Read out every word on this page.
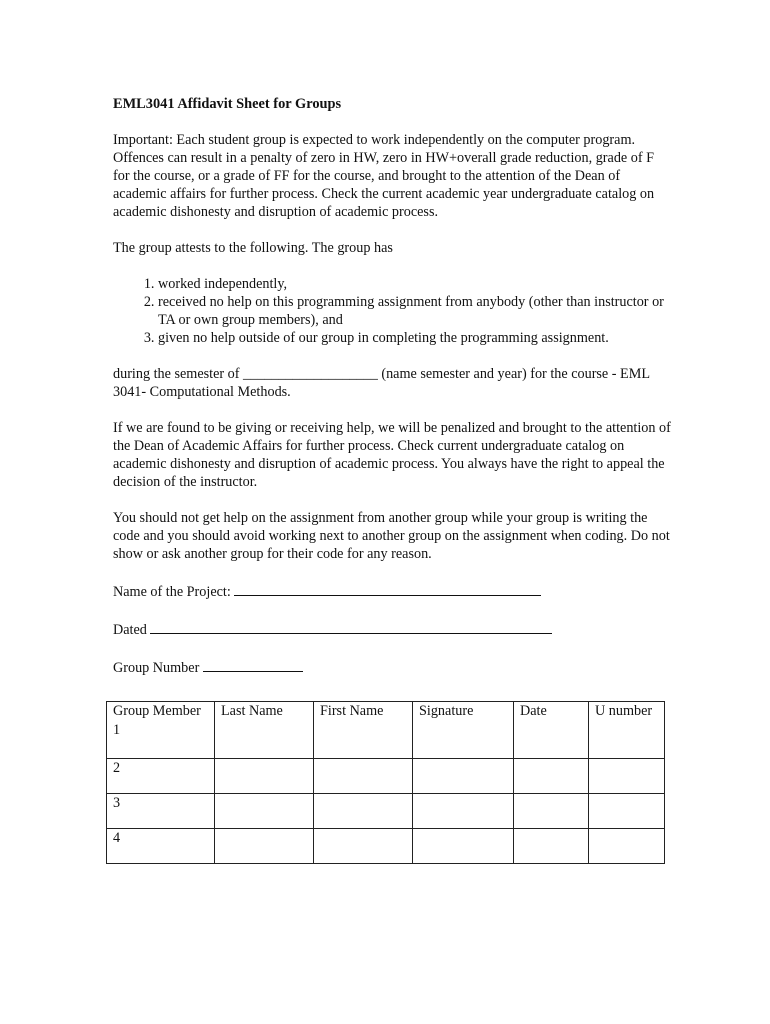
EML3041 Affidavit Sheet for Groups

Important: Each student group is expected to work independently on the computer program. Offences can result in a penalty of zero in HW, zero in HW+overall grade reduction, grade of F for the course, or a grade of FF for the course, and brought to the attention of the Dean of academic affairs for further process. Check the current academic year undergraduate catalog on academic dishonesty and disruption of academic process.

The group attests to the following. The group has

1. worked independently,
2. received no help on this programming assignment from anybody (other than instructor or TA or own group members), and
3. given no help outside of our group in completing the programming assignment.

during the semester of ___________________ (name semester and year) for the course - EML 3041- Computational Methods.

If we are found to be giving or receiving help, we will be penalized and brought to the attention of the Dean of Academic Affairs for further process. Check current undergraduate catalog on academic dishonesty and disruption of academic process. You always have the right to appeal the decision of the instructor.

You should not get help on the assignment from another group while your group is writing the code and you should avoid working next to another group on the assignment when coding. Do not show or ask another group for their code for any reason.

Name of the Project:
Dated
Group Number
Group Member	Last Name	First Name	Signature	Date	U number
1					
2					
3					
4					
